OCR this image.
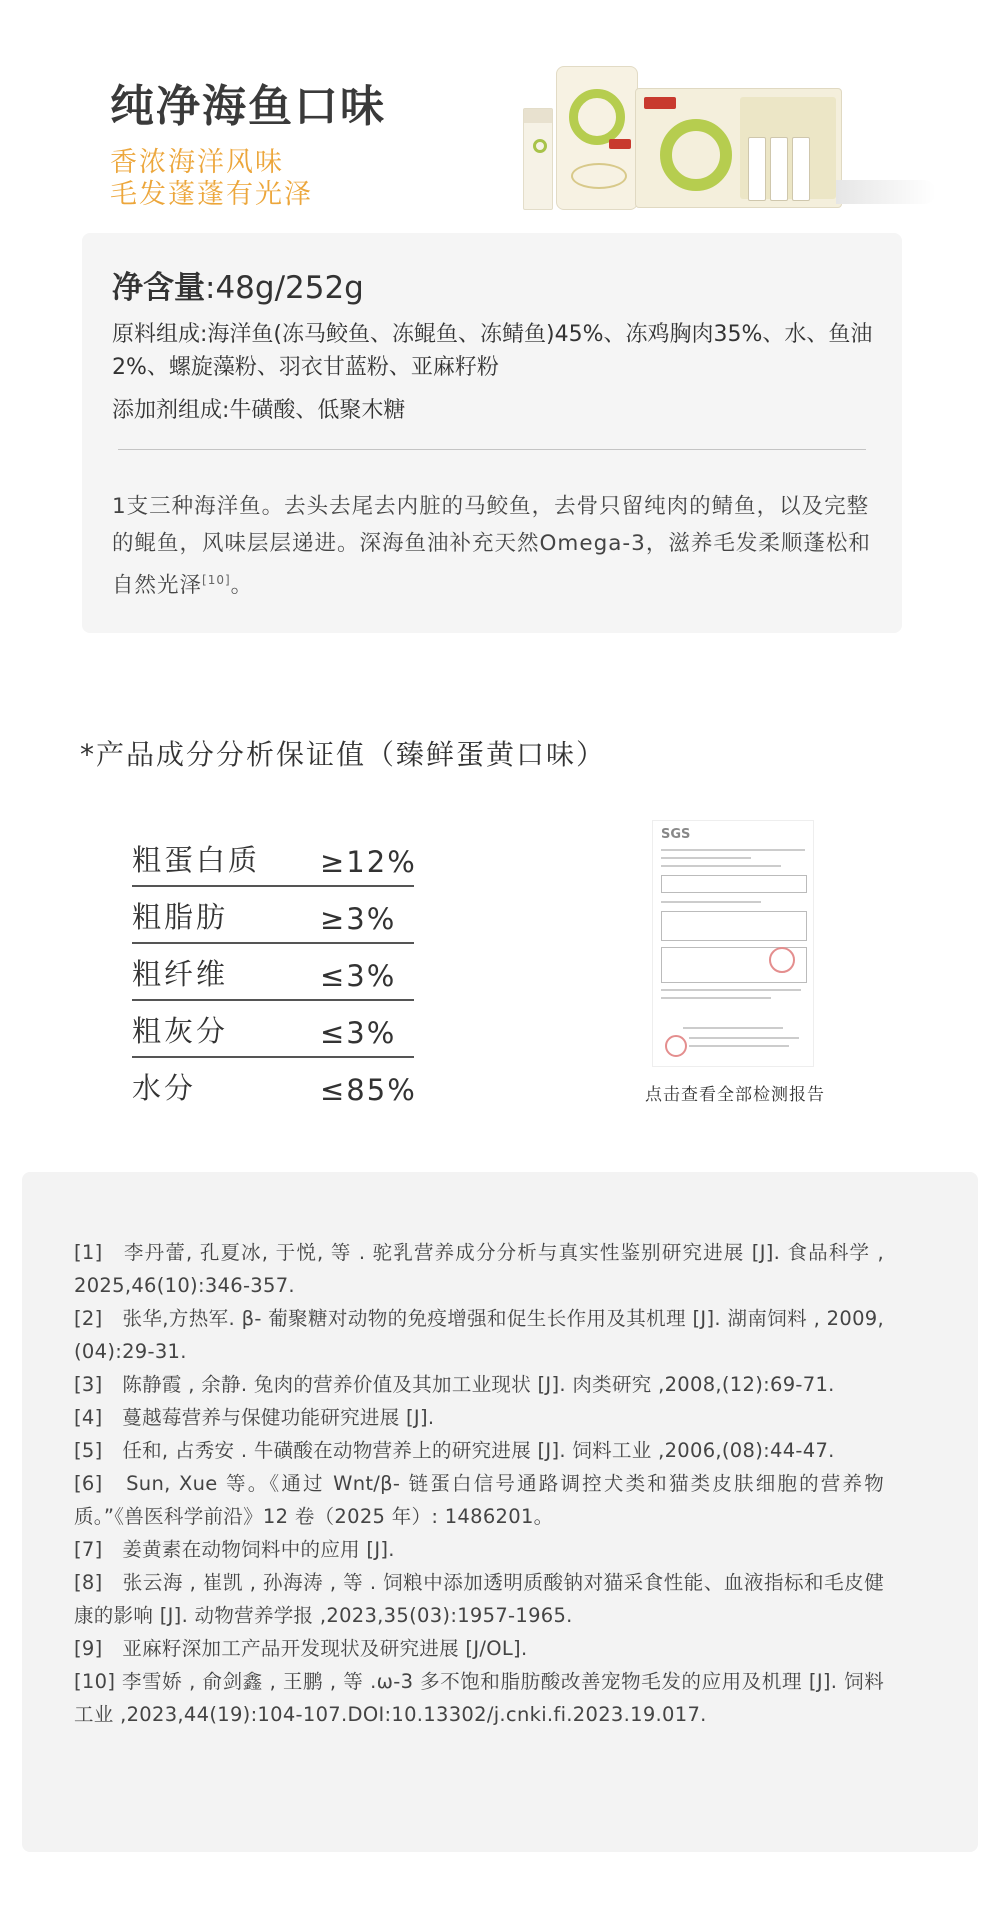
纯净海鱼口味
香浓海洋风味
毛发蓬蓬有光泽
净含量:48g/252g
原料组成:海洋鱼(冻马鲛鱼、冻鲲鱼、冻鲭鱼)45%、冻鸡胸肉35%、水、鱼油2%、螺旋藻粉、羽衣甘蓝粉、亚麻籽粉
添加剂组成:牛磺酸、低聚木糖
1支三种海洋鱼。去头去尾去内脏的马鲛鱼，去骨只留纯肉的鲭鱼，以及完整的鲲鱼，风味层层递进。深海鱼油补充天然Omega-3，滋养毛发柔顺蓬松和自然光泽[10]。
*产品成分分析保证值（臻鲜蛋黄口味）
粗蛋白质 ≥12%
粗脂肪	≥3%
粗纤维	≤3%
粗灰分	≤3%
水分	≤85%
SGS
点击查看全部检测报告

[1]　李丹蕾, 孔夏冰, 于悦, 等 . 驼乳营养成分分析与真实性鉴别研究进展 [J]. 食品科学 , 2025,46(10):346-357.

[2]　张华,方热军. β- 葡聚糖对动物的免疫增强和促生长作用及其机理 [J]. 湖南饲料 , 2009,(04):29-31.

[3]　陈静霞 , 余静. 兔肉的营养价值及其加工业现状 [J]. 肉类研究 ,2008,(12):69-71.

[4]　蔓越莓营养与保健功能研究进展 [J].

[5]　任和, 占秀安 . 牛磺酸在动物营养上的研究进展 [J]. 饲料工业 ,2006,(08):44-47.

[6]　Sun, Xue 等。《通过 Wnt/β- 链蛋白信号通路调控犬类和猫类皮肤细胞的营养物质。”《兽医科学前沿》12 卷（2025 年）: 1486201。

[7]　姜黄素在动物饲料中的应用 [J].

[8]　张云海 , 崔凯 , 孙海涛 , 等 . 饲粮中添加透明质酸钠对猫采食性能、血液指标和毛皮健康的影响 [J]. 动物营养学报 ,2023,35(03):1957-1965.

[9]　亚麻籽深加工产品开发现状及研究进展 [J/OL].

[10] 李雪娇 , 俞剑鑫 , 王鹏 , 等 .ω-3 多不饱和脂肪酸改善宠物毛发的应用及机理 [J]. 饲料工业 ,2023,44(19):104-107.DOI:10.13302/j.cnki.fi.2023.19.017.
